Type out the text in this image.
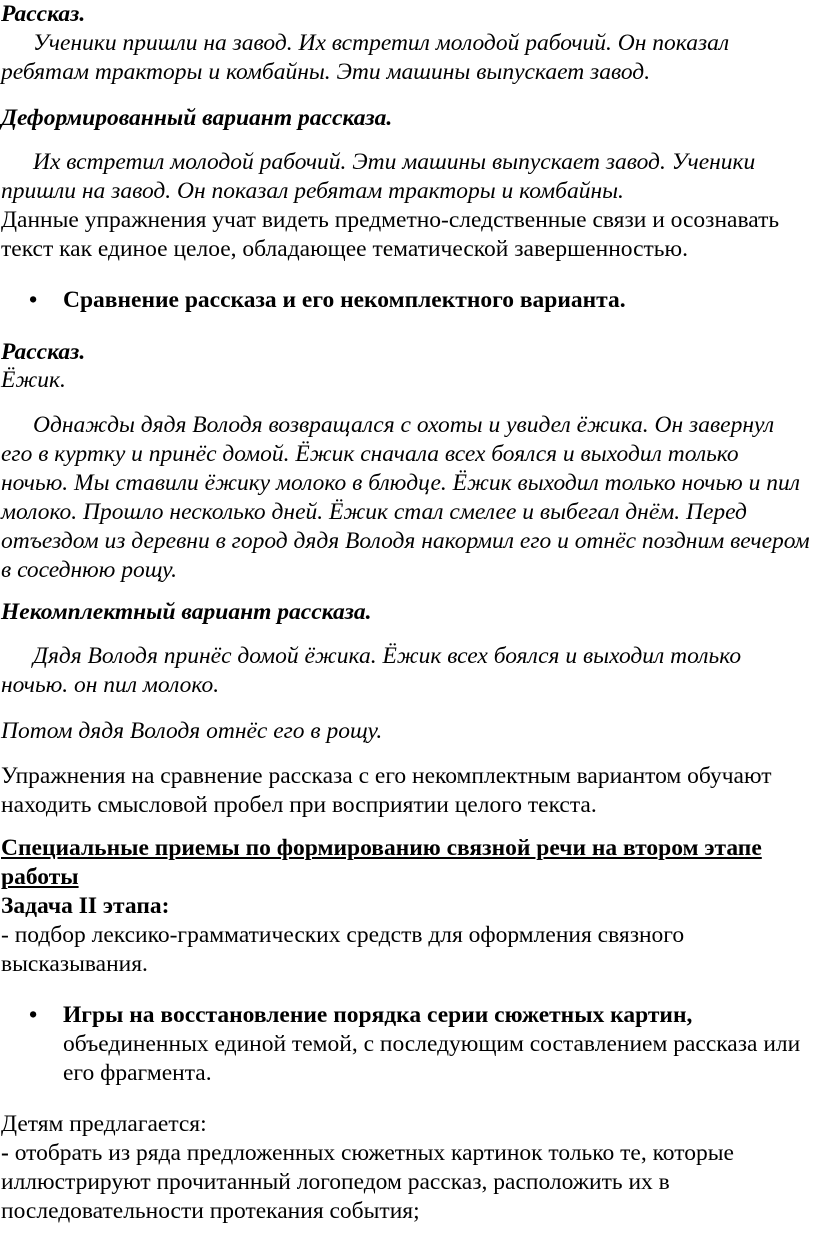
Рассказ.

Ученики пришли на завод. Их встретил молодой рабочий. Он показал ребятам тракторы и комбайны. Эти машины выпускает завод.

Деформированный вариант рассказа.

Их встретил молодой рабочий. Эти машины выпускает завод. Ученики пришли на завод. Он показал ребятам тракторы и комбайны.

Данные упражнения учат видеть предметно-следственные связи и осознавать текст как единое целое, обладающее тематической завершенностью.

• Сравнение рассказа и его некомплектного варианта.

Рассказ.

Ёжик.

Однажды дядя Володя возвращался с охоты и увидел ёжика. Он завернул его в куртку и принёс домой. Ёжик сначала всех боялся и выходил только ночью. Мы ставили ёжику молоко в блюдце. Ёжик выходил только ночью и пил молоко. Прошло несколько дней. Ёжик стал смелее и выбегал днём. Перед отъездом из деревни в город дядя Володя накормил его и отнёс поздним вечером в соседнюю рощу.

Некомплектный вариант рассказа.

Дядя Володя принёс домой ёжика. Ёжик всех боялся и выходил только ночью. он пил молоко.

Потом дядя Володя отнёс его в рощу.

Упражнения на сравнение рассказа с его некомплектным вариантом обучают находить смысловой пробел при восприятии целого текста.

Специальные приемы по формированию связной речи на втором этапе работы

Задача II этапа:

- подбор лексико-грамматических средств для оформления связного высказывания.

• Игры на восстановление порядка серии сюжетных картин, объединенных единой темой, с последующим составлением рассказа или его фрагмента.

Детям предлагается:

- отобрать из ряда предложенных сюжетных картинок только те, которые иллюстрируют прочитанный логопедом рассказ, расположить их в последовательности протекания события;
